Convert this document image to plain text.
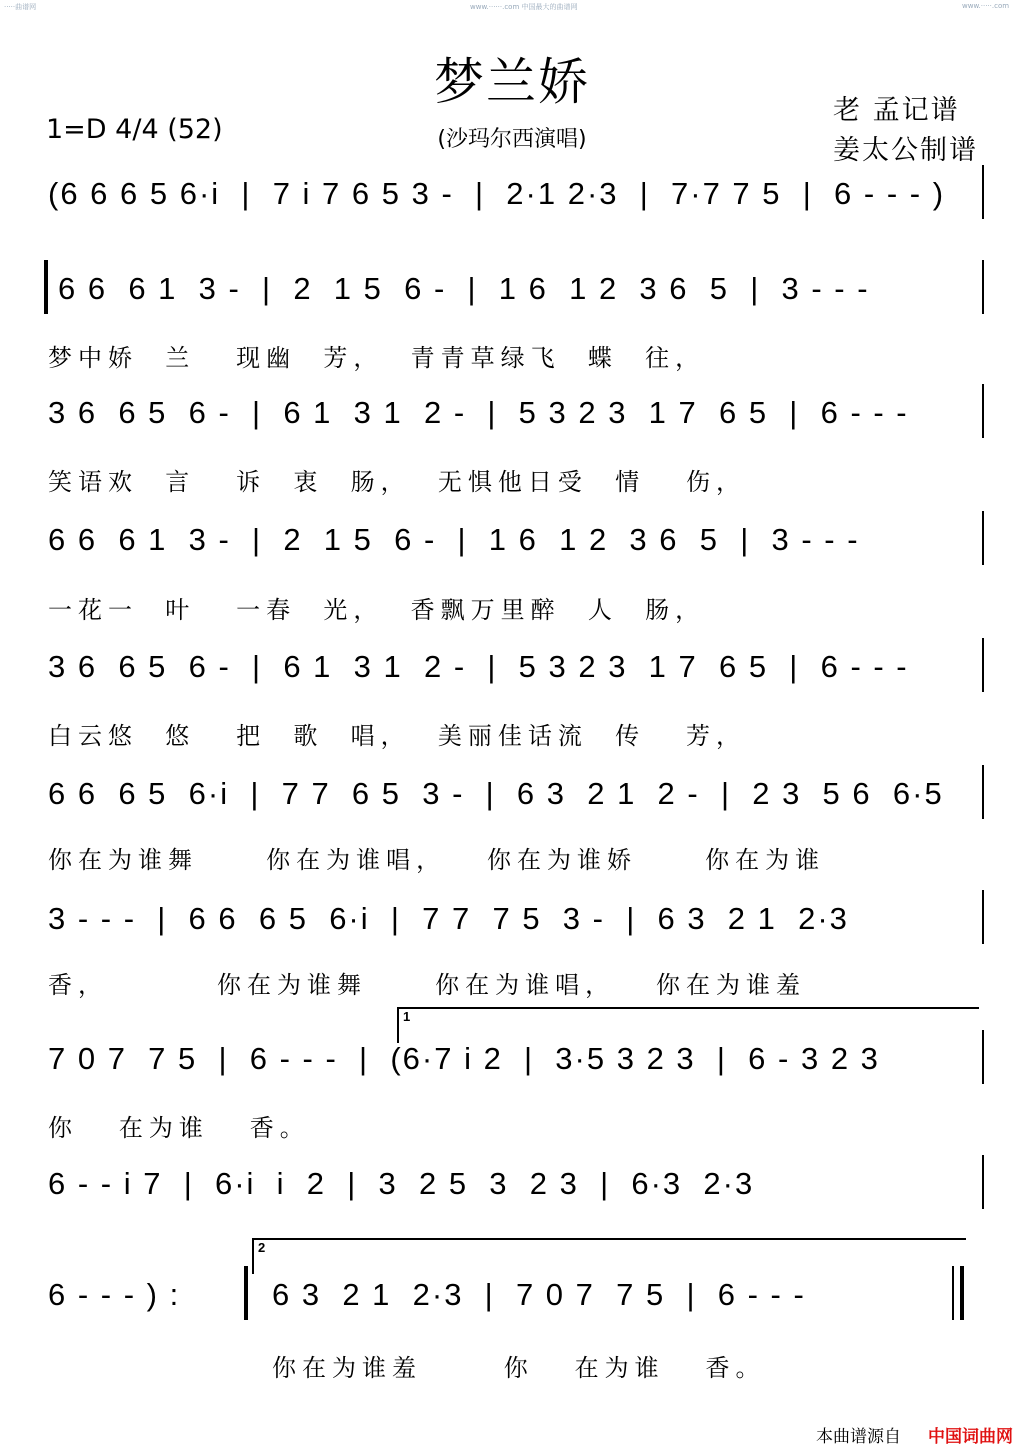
·····曲谱网	www.······.com 中国最大的曲谱网	www.·····.com
梦兰娇
(沙玛尔西演唱)
1=D 4/4 (52)
老 孟记谱
姜太公制谱
(6 6 6 5 6·i  |  7 i 7 6 5 3 -  |  2·1 2·3  |  7·7 7 5  |  6 - - - )
6 6  6 1  3 -  |  2  1 5  6 -  |  1 6  1 2  3 6  5  |  3 - - -
梦中娇  兰   现幽  芳，  青青草绿飞  蝶  往，
3 6  6 5  6 -  |  6 1  3 1  2 -  |  5 3 2 3  1 7  6 5  |  6 - - -
笑语欢  言   诉  衷  肠，  无惧他日受  情   伤，
6 6  6 1  3 -  |  2  1 5  6 -  |  1 6  1 2  3 6  5  |  3 - - -
一花一  叶   一春  光，  香飘万里醉  人  肠，
3 6  6 5  6 -  |  6 1  3 1  2 -  |  5 3 2 3  1 7  6 5  |  6 - - -
白云悠  悠   把  歌  唱，  美丽佳话流  传   芳，
6 6  6 5  6·i  |  7 7  6 5  3 -  |  6 3  2 1  2 -  |  2 3  5 6  6·5
你在为谁舞     你在为谁唱，   你在为谁娇     你在为谁
3 - - -  |  6 6  6 5  6·i  |  7 7  7 5  3 -  |  6 3  2 1  2·3
香，        你在为谁舞     你在为谁唱，   你在为谁羞
1
7 0 7  7 5  |  6 - - -  |  (6·7 i 2  |  3·5 3 2 3  |  6 - 3 2 3
你   在为谁   香。
6 - - i 7  |  6·i  i  2  |  3  2 5  3  2 3  |  6·3  2·3
2
6 - - - ) :	6 3  2 1  2·3  |  7 0 7  7 5  |  6 - - -
你在为谁羞      你   在为谁   香。
本曲谱源自 中国词曲网
